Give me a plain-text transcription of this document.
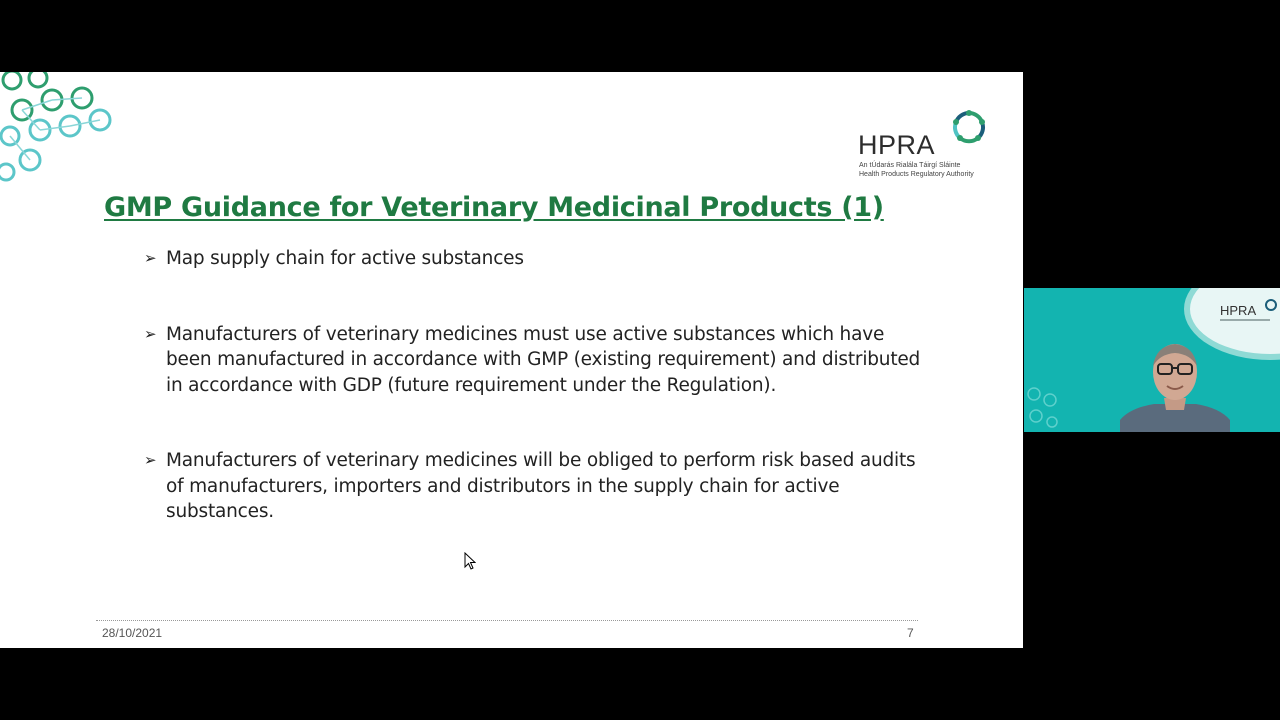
HPRA
An tÚdarás Rialála Táirgí Sláinte
Health Products Regulatory Authority
GMP Guidance for Veterinary Medicinal Products (1)
➢ Map supply chain for active substances
➢ Manufacturers of veterinary medicines must use active substances which have been manufactured in accordance with GMP (existing requirement) and distributed in accordance with GDP (future requirement under the Regulation).
➢ Manufacturers of veterinary medicines will be obliged to perform risk based audits of manufacturers, importers and distributors in the supply chain for active substances.
28/10/2021	7
HPRA
